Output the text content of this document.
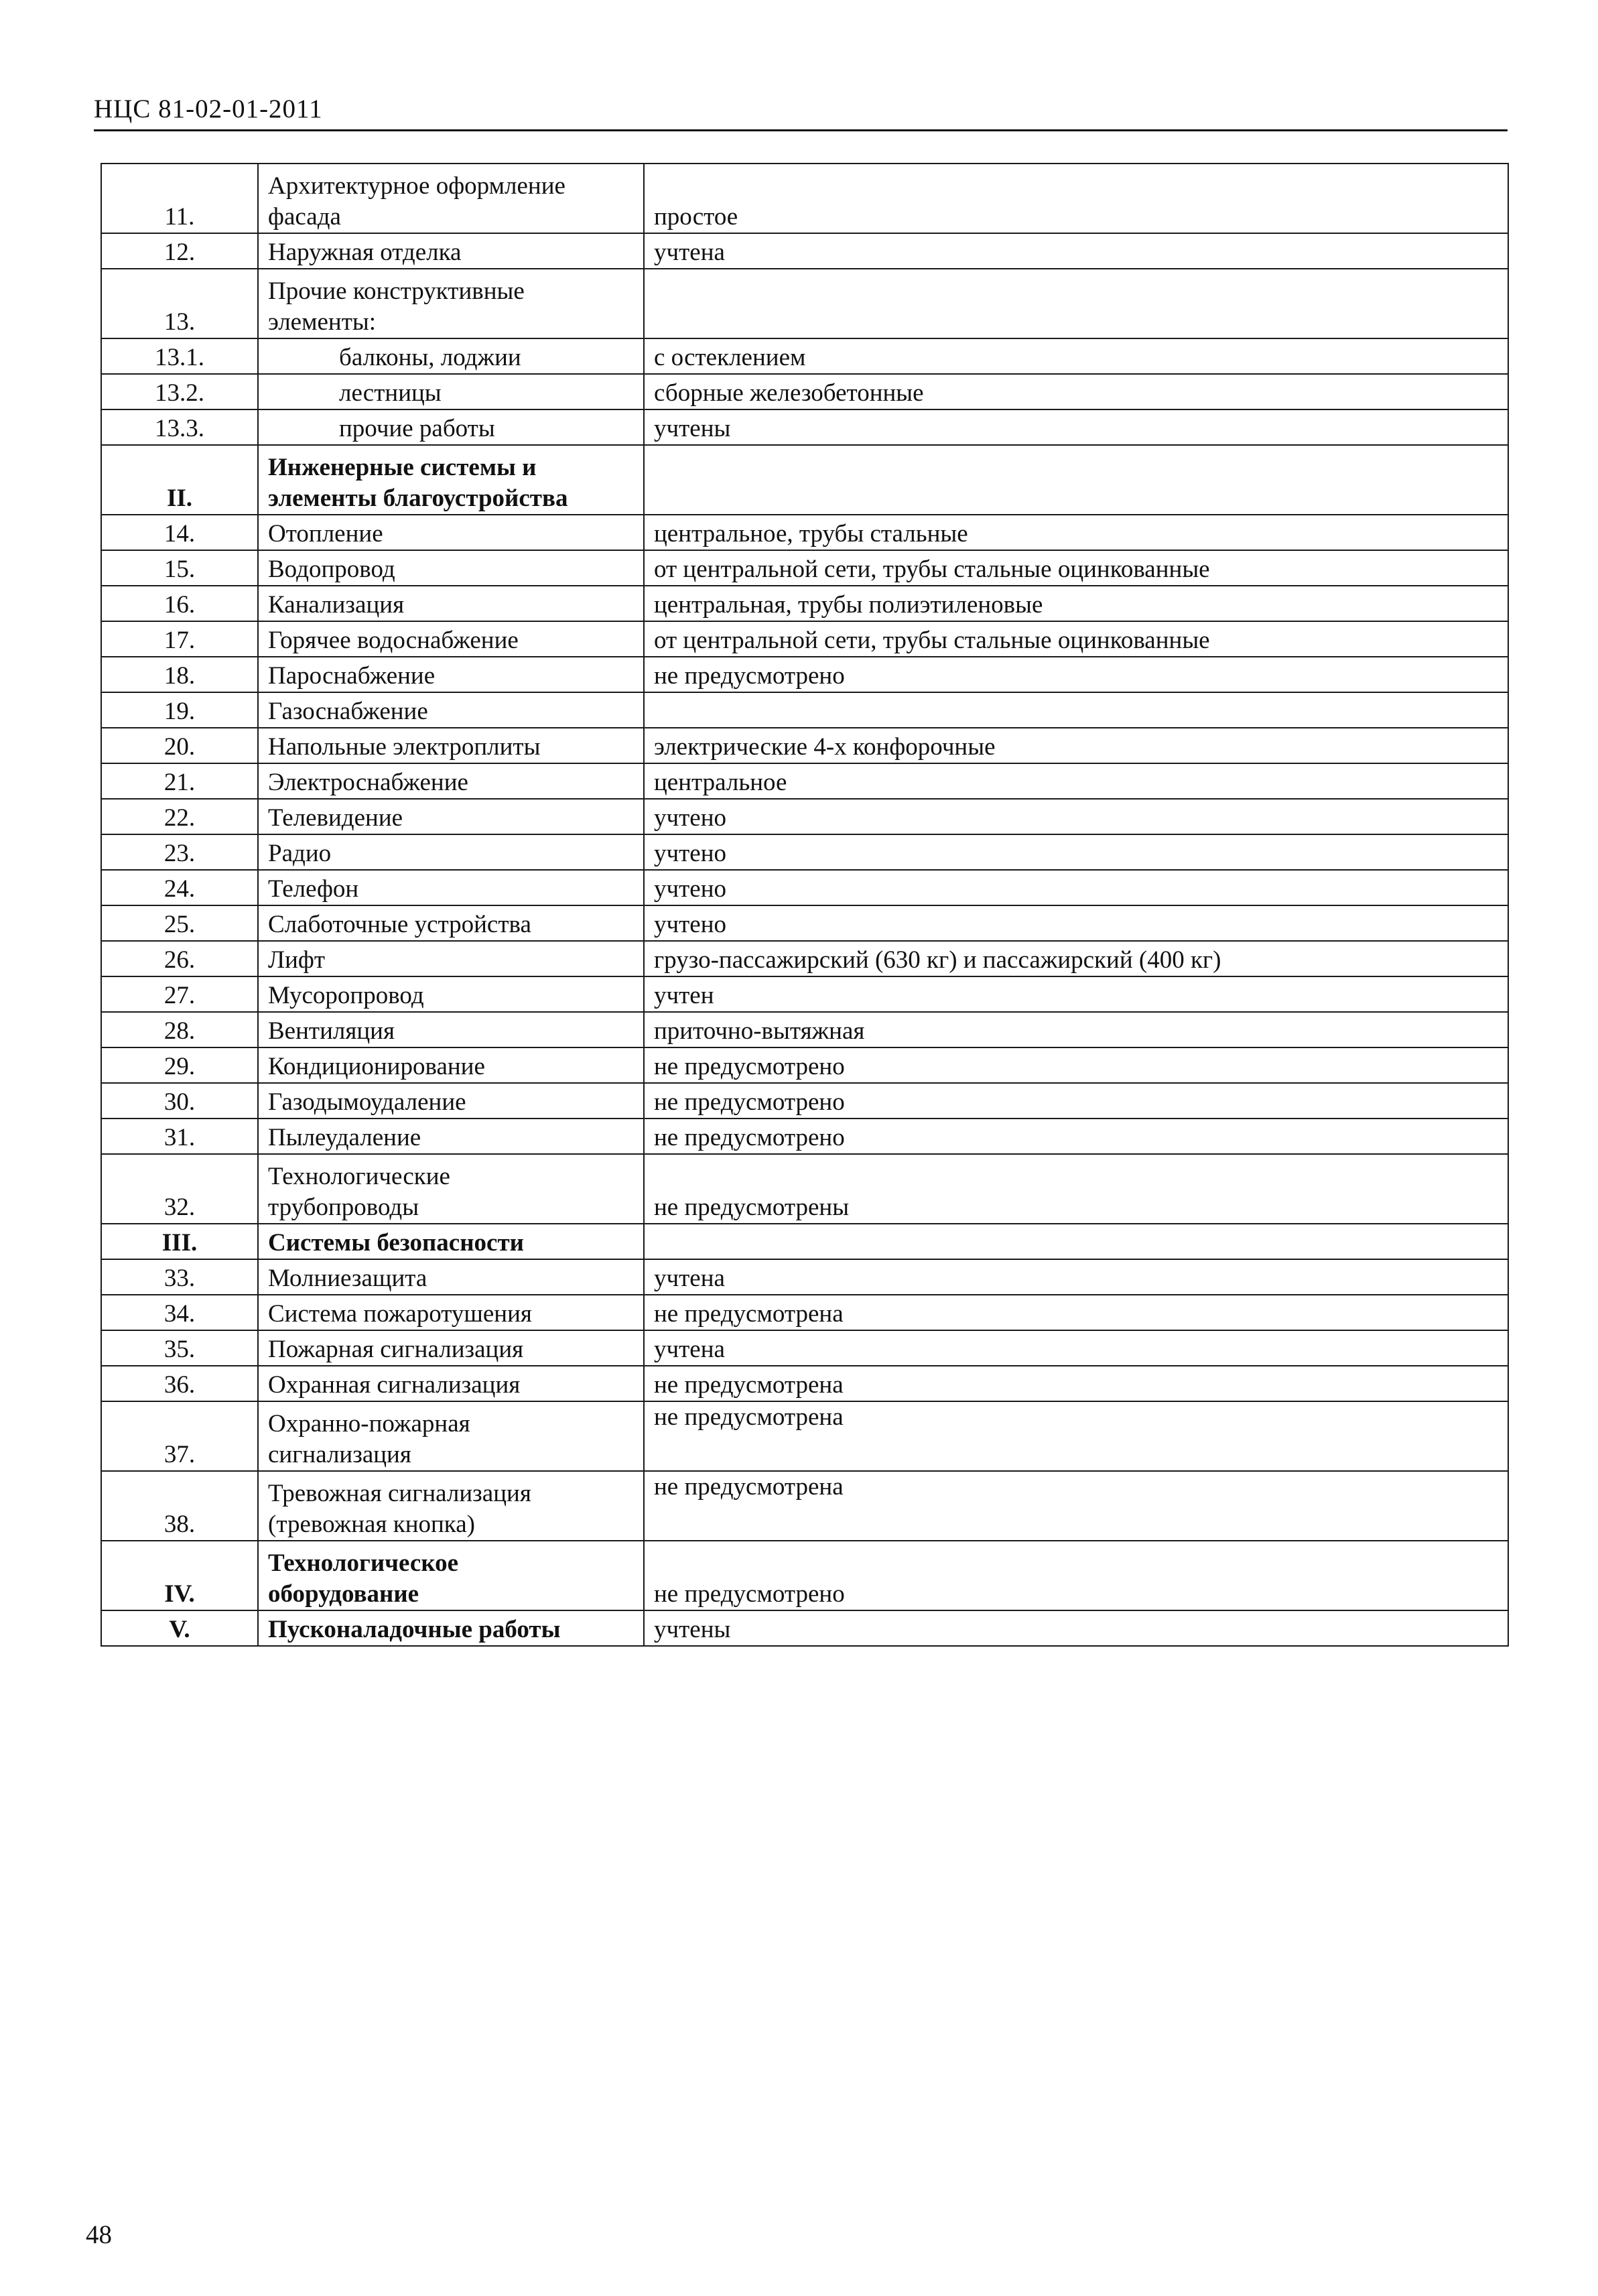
НЦС 81-02-01-2011
11.	Архитектурное оформление
фасада	простое
12.	Наружная отделка	учтена
13.	Прочие конструктивные
элементы:	
13.1.	балконы, лоджии	с остеклением
13.2.	лестницы	сборные железобетонные
13.3.	прочие работы	учтены
II.	Инженерные системы и
элементы благоустройства	
14.	Отопление	центральное, трубы стальные
15.	Водопровод	от центральной сети, трубы стальные оцинкованные
16.	Канализация	центральная, трубы полиэтиленовые
17.	Горячее водоснабжение	от центральной сети, трубы стальные оцинкованные
18.	Пароснабжение	не предусмотрено
19.	Газоснабжение	
20.	Напольные электроплиты	электрические 4-х конфорочные
21.	Электроснабжение	центральное
22.	Телевидение	учтено
23.	Радио	учтено
24.	Телефон	учтено
25.	Слаботочные устройства	учтено
26.	Лифт	грузо-пассажирский (630 кг) и пассажирский (400 кг)
27.	Мусоропровод	учтен
28.	Вентиляция	приточно-вытяжная
29.	Кондиционирование	не предусмотрено
30.	Газодымоудаление	не предусмотрено
31.	Пылеудаление	не предусмотрено
32.	Технологические
трубопроводы	не предусмотрены
III.	Системы безопасности	
33.	Молниезащита	учтена
34.	Система пожаротушения	не предусмотрена
35.	Пожарная сигнализация	учтена
36.	Охранная сигнализация	не предусмотрена
37.	Охранно-пожарная
сигнализация	не предусмотрена
38.	Тревожная сигнализация
(тревожная кнопка)	не предусмотрена
IV.	Технологическое
оборудование	не предусмотрено
V.	Пусконаладочные работы	учтены
48
